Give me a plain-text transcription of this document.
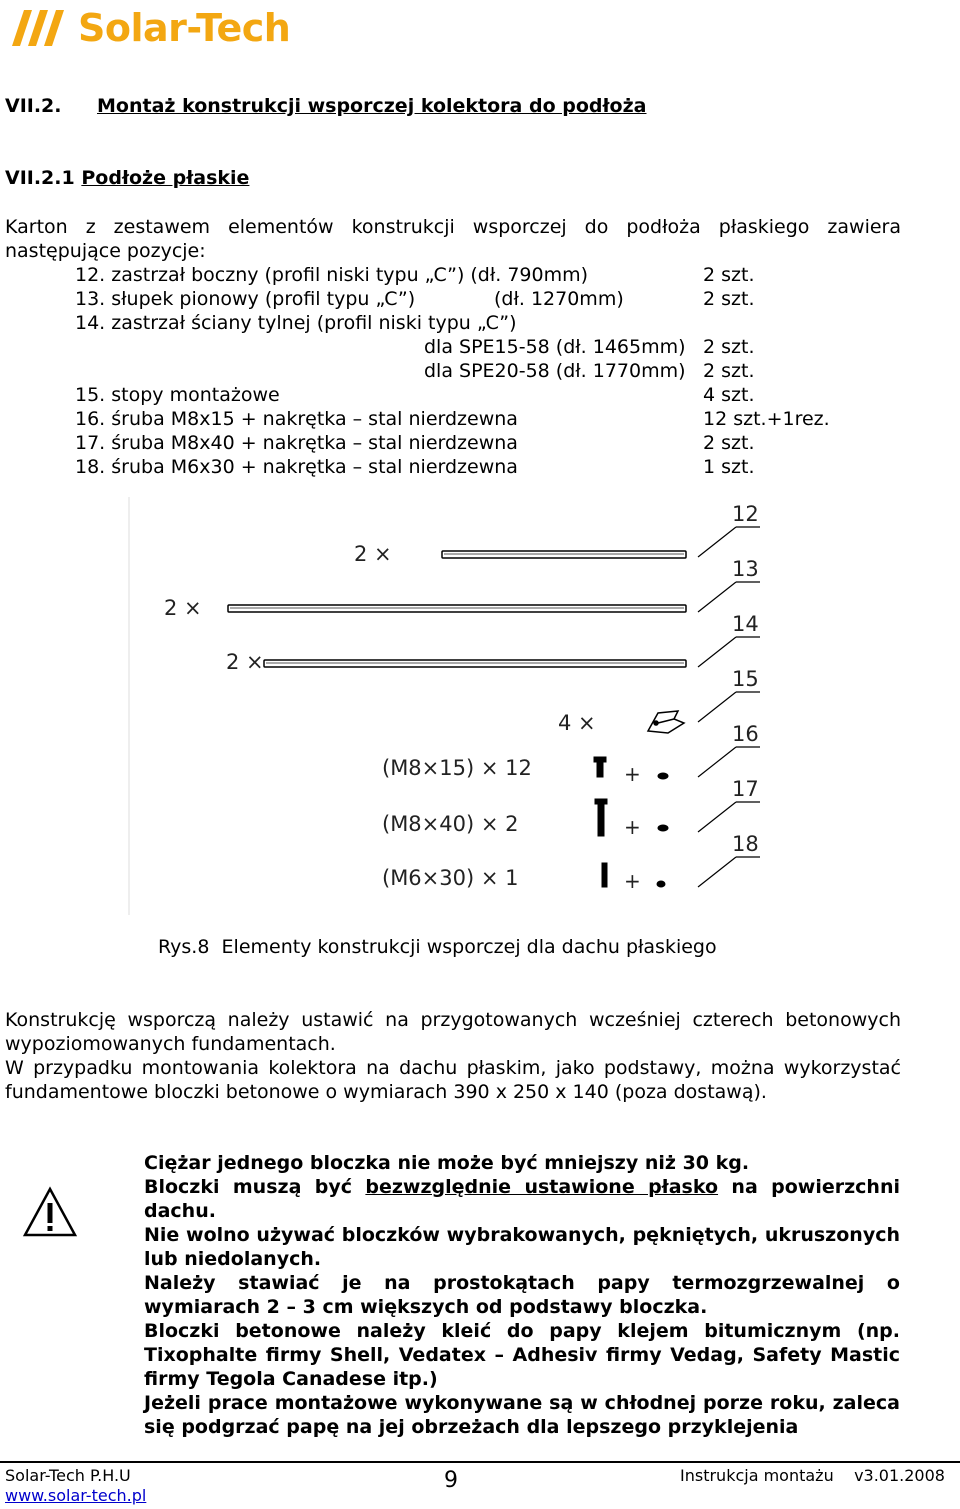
Solar-Tech
VII.2. Montaż konstrukcji wsporczej kolektora do podłoża
VII.2.1 Podłoże płaskie
Karton z zestawem elementów konstrukcji wsporczej do podłoża płaskiego zawiera następujące pozycje:
12. zastrzał boczny (profil niski typu „C”) (dł. 790mm)	2 szt.
13. słupek pionowy (profil typu „C”)	(dł. 1270mm)	2 szt.
14. zastrzał ściany tylnej (profil niski typu „C”)
dla SPE15-58 (dł. 1465mm) 2 szt.
dla SPE20-58 (dł. 1770mm) 2 szt.
15. stopy montażowe	4 szt.
16. śruba M8x15 + nakrętka – stal nierdzewna	12 szt.+1rez.
17. śruba M8x40 + nakrętka – stal nierdzewna	2 szt.
18. śruba M6x30 + nakrętka – stal nierdzewna	1 szt.
12
13
14
15
16
17
18
2 ×
2 ×
2 ×
4 ×
(M8×15) × 12
(M8×40) × 2
(M6×30) × 1
+
+
+
Rys.8 Elementy konstrukcji wsporczej dla dachu płaskiego
Konstrukcję wsporczą należy ustawić na przygotowanych wcześniej czterech betonowych wypoziomowanych fundamentach.
W przypadku montowania kolektora na dachu płaskim, jako podstawy, można wykorzystać fundamentowe bloczki betonowe o wymiarach 390 x 250 x 140 (poza dostawą).

Ciężar jednego bloczka nie może być mniejszy niż 30 kg.

Bloczki muszą być bezwzględnie ustawione płasko na powierzchni dachu.

Nie wolno używać bloczków wybrakowanych, pękniętych, ukruszonych lub niedolanych.

Należy stawiać je na prostokątach papy termozgrzewalnej o wymiarach 2 – 3 cm większych od podstawy bloczka.

Bloczki betonowe należy kleić do papy klejem bitumicznym (np. Tixophalte firmy Shell, Vedatex – Adhesiv firmy Vedag, Safety Mastic firmy Tegola Canadese itp.)

Jeżeli prace montażowe wykonywane są w chłodnej porze roku, zaleca się podgrzać papę na jej obrzeżach dla lepszego przyklejenia

Solar-Tech P.H.U
www.solar-tech.pl
9	Instrukcja montażu v3.01.2008
